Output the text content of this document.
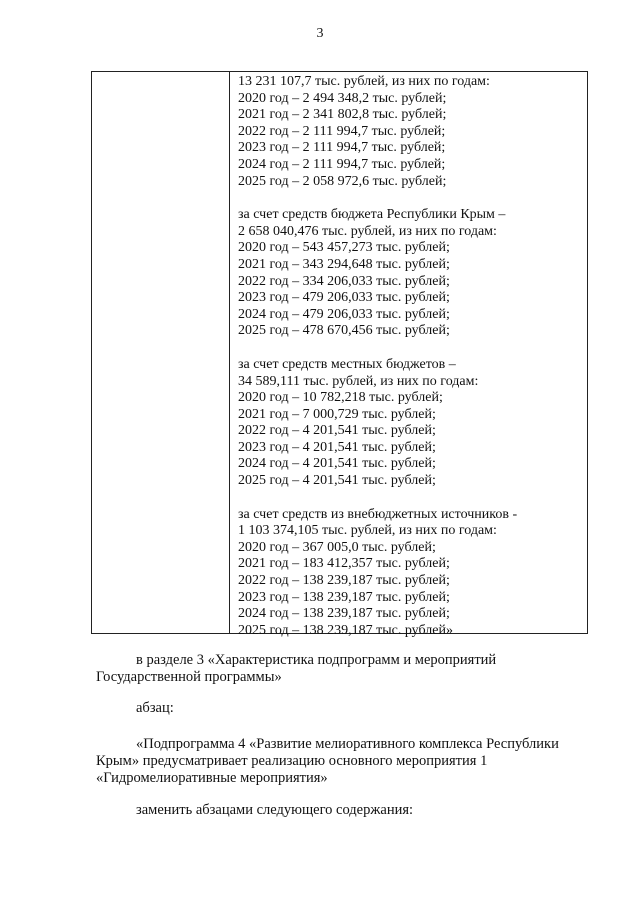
3
13 231 107,7 тыс. рублей, из них по годам:
2020 год – 2 494 348,2 тыс. рублей;
2021 год – 2 341 802,8 тыс. рублей;
2022 год – 2 111 994,7 тыс. рублей;
2023 год – 2 111 994,7 тыс. рублей;
2024 год – 2 111 994,7 тыс. рублей;
2025 год – 2 058 972,6 тыс. рублей;
за счет средств бюджета Республики Крым –
2 658 040,476 тыс. рублей, из них по годам:
2020 год – 543 457,273 тыс. рублей;
2021 год – 343 294,648 тыс. рублей;
2022 год – 334 206,033 тыс. рублей;
2023 год – 479 206,033 тыс. рублей;
2024 год – 479 206,033 тыс. рублей;
2025 год – 478 670,456 тыс. рублей;
за счет средств местных бюджетов –
34 589,111 тыс. рублей, из них по годам:
2020 год – 10 782,218 тыс. рублей;
2021 год – 7 000,729 тыс. рублей;
2022 год – 4 201,541 тыс. рублей;
2023 год – 4 201,541 тыс. рублей;
2024 год – 4 201,541 тыс. рублей;
2025 год – 4 201,541 тыс. рублей;
за счет средств из внебюджетных источников -
1 103 374,105 тыс. рублей, из них по годам:
2020 год – 367 005,0 тыс. рублей;
2021 год – 183 412,357 тыс. рублей;
2022 год – 138 239,187 тыс. рублей;
2023 год – 138 239,187 тыс. рублей;
2024 год – 138 239,187 тыс. рублей;
2025 год – 138 239,187 тыс. рублей»
в разделе 3 «Характеристика подпрограмм и мероприятий
Государственной программы»
абзац:
«Подпрограмма 4 «Развитие мелиоративного комплекса Республики
Крым» предусматривает реализацию основного мероприятия 1
«Гидромелиоративные мероприятия»
заменить абзацами следующего содержания:
